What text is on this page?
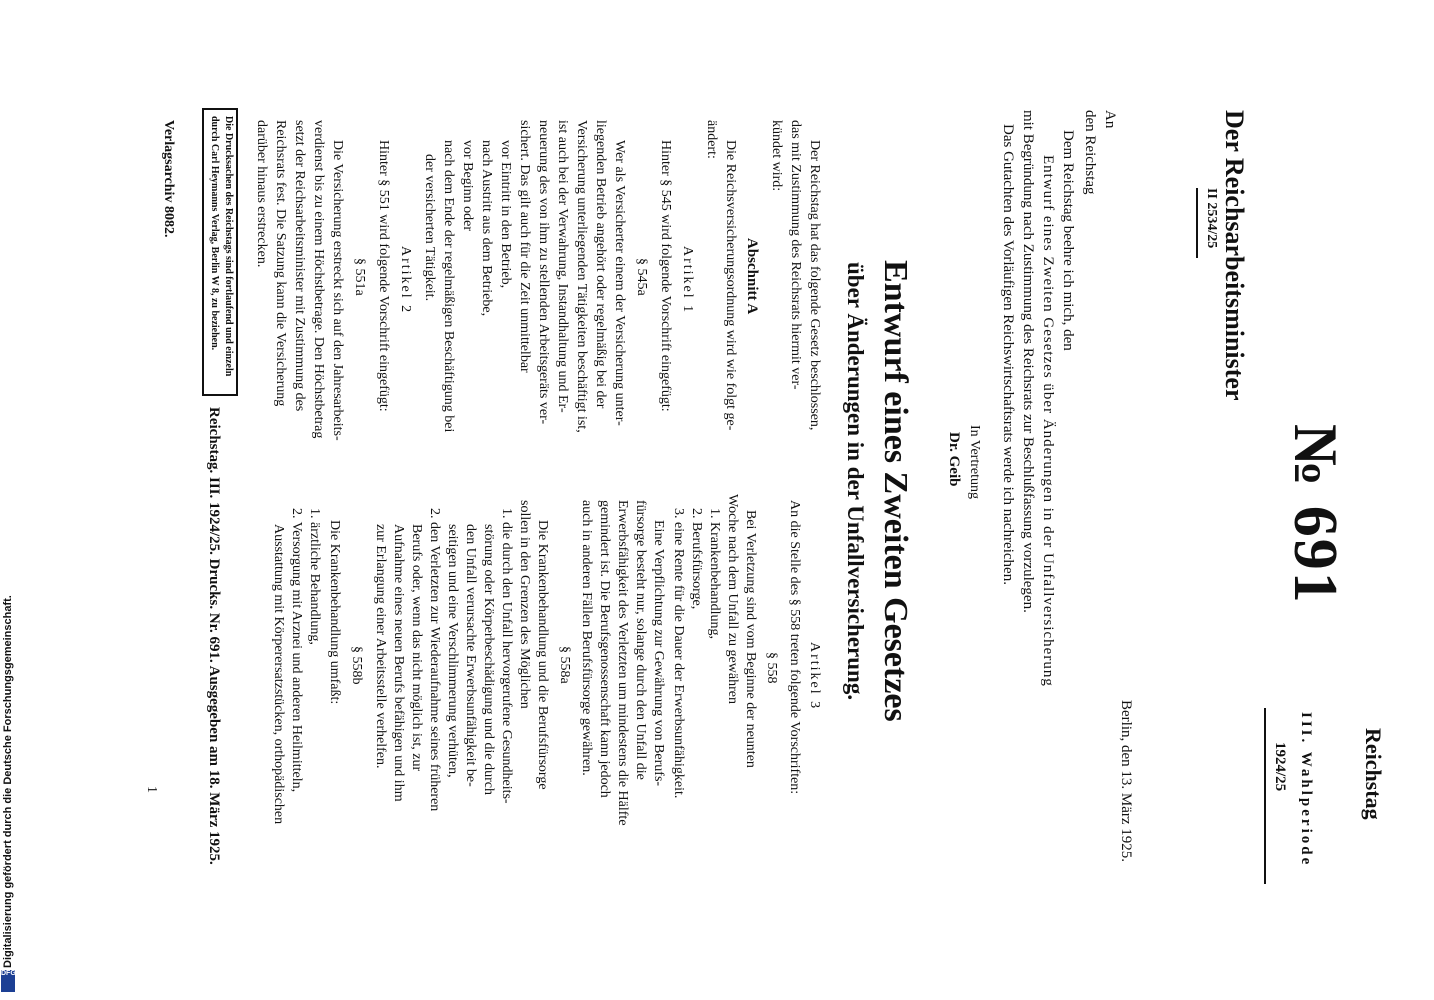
№ 691
Reichstag
III. Wahlperiode
1924/25
Der Reichsarbeitsminister
II 2534/25
Berlin, den 13. März 1925.
An
den Reichstag
Dem Reichstag beehre ich mich, den
Entwurf eines Zweiten Gesetzes über Änderungen in der Unfallversicherung
mit Begründung nach Zustimmung des Reichsrats zur Beschlußfassung vorzulegen.
Das Gutachten des Vorläufigen Reichswirtschaftsrats werde ich nachreichen.
In Vertretung
Dr. Geib
Entwurf eines Zweiten Gesetzes
über Änderungen in der Unfallversicherung.
Der Reichstag hat das folgende Gesetz beschlossen,
das mit Zustimmung des Reichsrats hiermit ver-
kündet wird:
Abschnitt A
Die Reichsversicherungsordnung wird wie folgt ge-
ändert:
Artikel 1
Hinter § 545 wird folgende Vorschrift eingefügt:
§ 545a
Wer als Versicherter einem der Versicherung unter-
liegenden Betrieb angehört oder regelmäßig bei der
Versicherung unterliegenden Tätigkeiten beschäftigt ist,
ist auch bei der Verwahrung, Instandhaltung und Er-
neuerung des von ihm zu stellenden Arbeitsgeräts ver-
sichert. Das gilt auch für die Zeit unmittelbar
vor Eintritt in den Betrieb,
nach Austritt aus dem Betriebe,
vor Beginn oder
nach dem Ende der regelmäßigen Beschäftigung bei
der versicherten Tätigkeit.
Artikel 2
Hinter § 551 wird folgende Vorschrift eingefügt:
§ 551a
Die Versicherung erstreckt sich auf den Jahresarbeits-
verdienst bis zu einem Höchstbetrage. Den Höchstbetrag
setzt der Reichsarbeitsminister mit Zustimmung des
Reichsrats fest. Die Satzung kann die Versicherung
darüber hinaus erstrecken.
Artikel 3
An die Stelle des § 558 treten folgende Vorschriften:
§ 558
Bei Verletzung sind vom Beginne der neunten
Woche nach dem Unfall zu gewähren
1. Krankenbehandlung,
2. Berufsfürsorge,
3. eine Rente für die Dauer der Erwerbsunfähigkeit.
Eine Verpflichtung zur Gewährung von Berufs-
fürsorge besteht nur, solange durch den Unfall die
Erwerbsfähigkeit des Verletzten um mindestens die Hälfte
gemindert ist. Die Berufsgenossenschaft kann jedoch
auch in anderen Fällen Berufsfürsorge gewähren.
§ 558a
Die Krankenbehandlung und die Berufsfürsorge
sollen in den Grenzen des Möglichen
1. die durch den Unfall hervorgerufene Gesundheits-
störung oder Körperbeschädigung und die durch
den Unfall verursachte Erwerbsunfähigkeit be-
seitigen und eine Verschlimmerung verhüten,
2. den Verletzten zur Wiederaufnahme seines früheren
Berufs oder, wenn das nicht möglich ist, zur
Aufnahme eines neuen Berufs befähigen und ihm
zur Erlangung einer Arbeitsstelle verhelfen.
§ 558b
Die Krankenbehandlung umfaßt:
1. ärztliche Behandlung,
2. Versorgung mit Arznei und anderen Heilmitteln,
Ausstattung mit Körperersatzstücken, orthopädischen
Die Drucksachen des Reichstags sind fortlaufend und einzeln
durch Carl Heymanns Verlag, Berlin W 8, zu beziehen.
Reichstag. III. 1924/25. Drucks. Nr. 691. Ausgegeben am 18. März 1925.
Verlagsarchiv 8082.
1
Digitalisierung gefördert durch die Deutsche Forschungsgemeinschaft.
DFG
